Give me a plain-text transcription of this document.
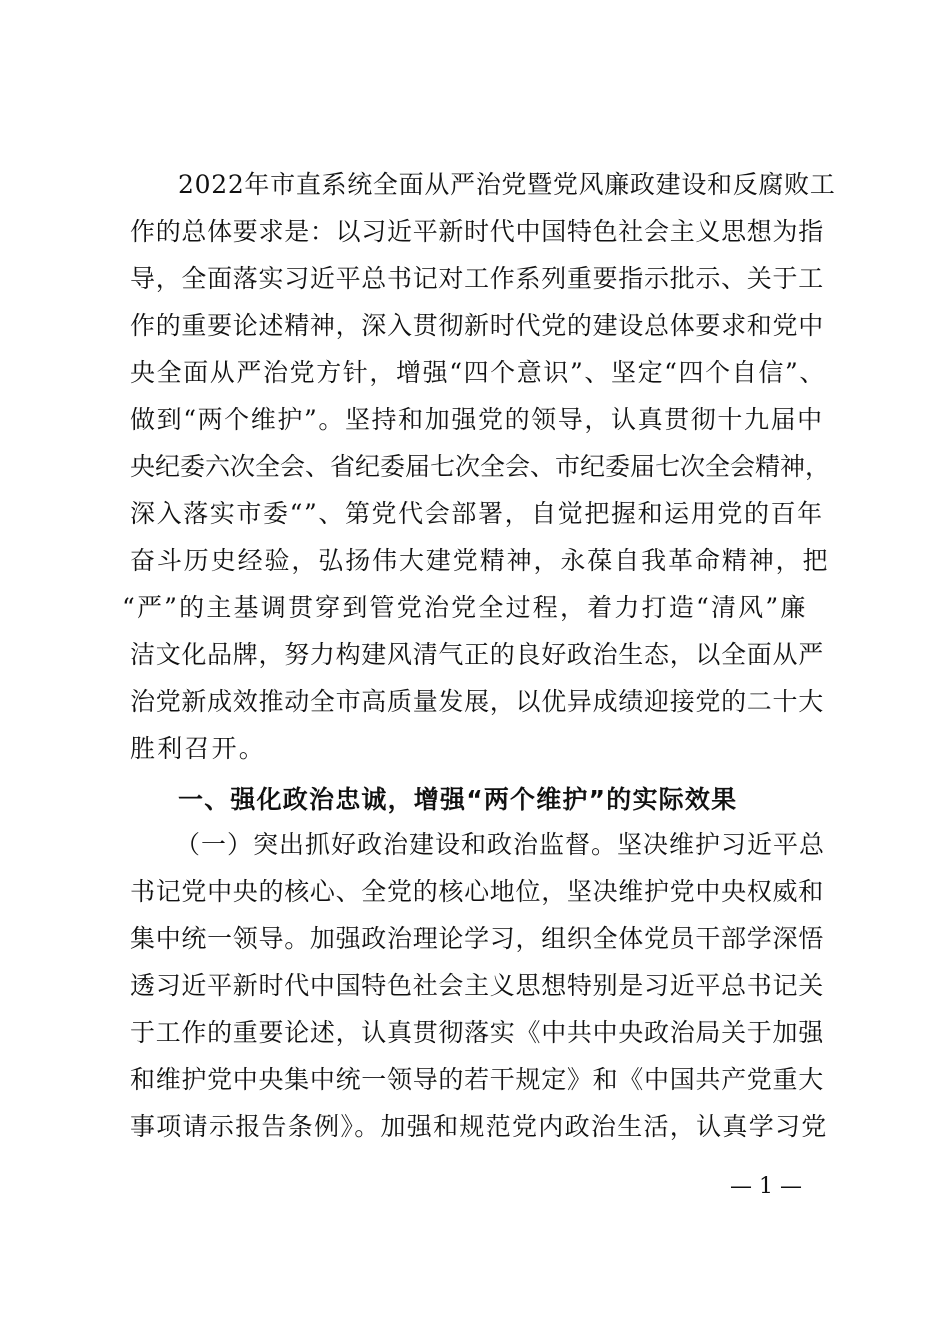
2022年市直系统全面从严治党暨党风廉政建设和反腐败工
作的总体要求是：以习近平新时代中国特色社会主义思想为指
导，全面落实习近平总书记对工作系列重要指示批示、关于工
作的重要论述精神，深入贯彻新时代党的建设总体要求和党中
央全面从严治党方针，增强“四个意识”、坚定“四个自信”、
做到“两个维护”。坚持和加强党的领导，认真贯彻十九届中
央纪委六次全会、省纪委届七次全会、市纪委届七次全会精神，
深入落实市委“”、第党代会部署，自觉把握和运用党的百年
奋斗历史经验，弘扬伟大建党精神，永葆自我革命精神，把
“严”的主基调贯穿到管党治党全过程，着力打造“清风”廉
洁文化品牌，努力构建风清气正的良好政治生态，以全面从严
治党新成效推动全市高质量发展，以优异成绩迎接党的二十大
胜利召开。
一、强化政治忠诚，增强“两个维护”的实际效果
（一）突出抓好政治建设和政治监督。坚决维护习近平总
书记党中央的核心、全党的核心地位，坚决维护党中央权威和
集中统一领导。加强政治理论学习，组织全体党员干部学深悟
透习近平新时代中国特色社会主义思想特别是习近平总书记关
于工作的重要论述，认真贯彻落实《中共中央政治局关于加强
和维护党中央集中统一领导的若干规定》和《中国共产党重大
事项请示报告条例》。加强和规范党内政治生活，认真学习党
— 1 —
